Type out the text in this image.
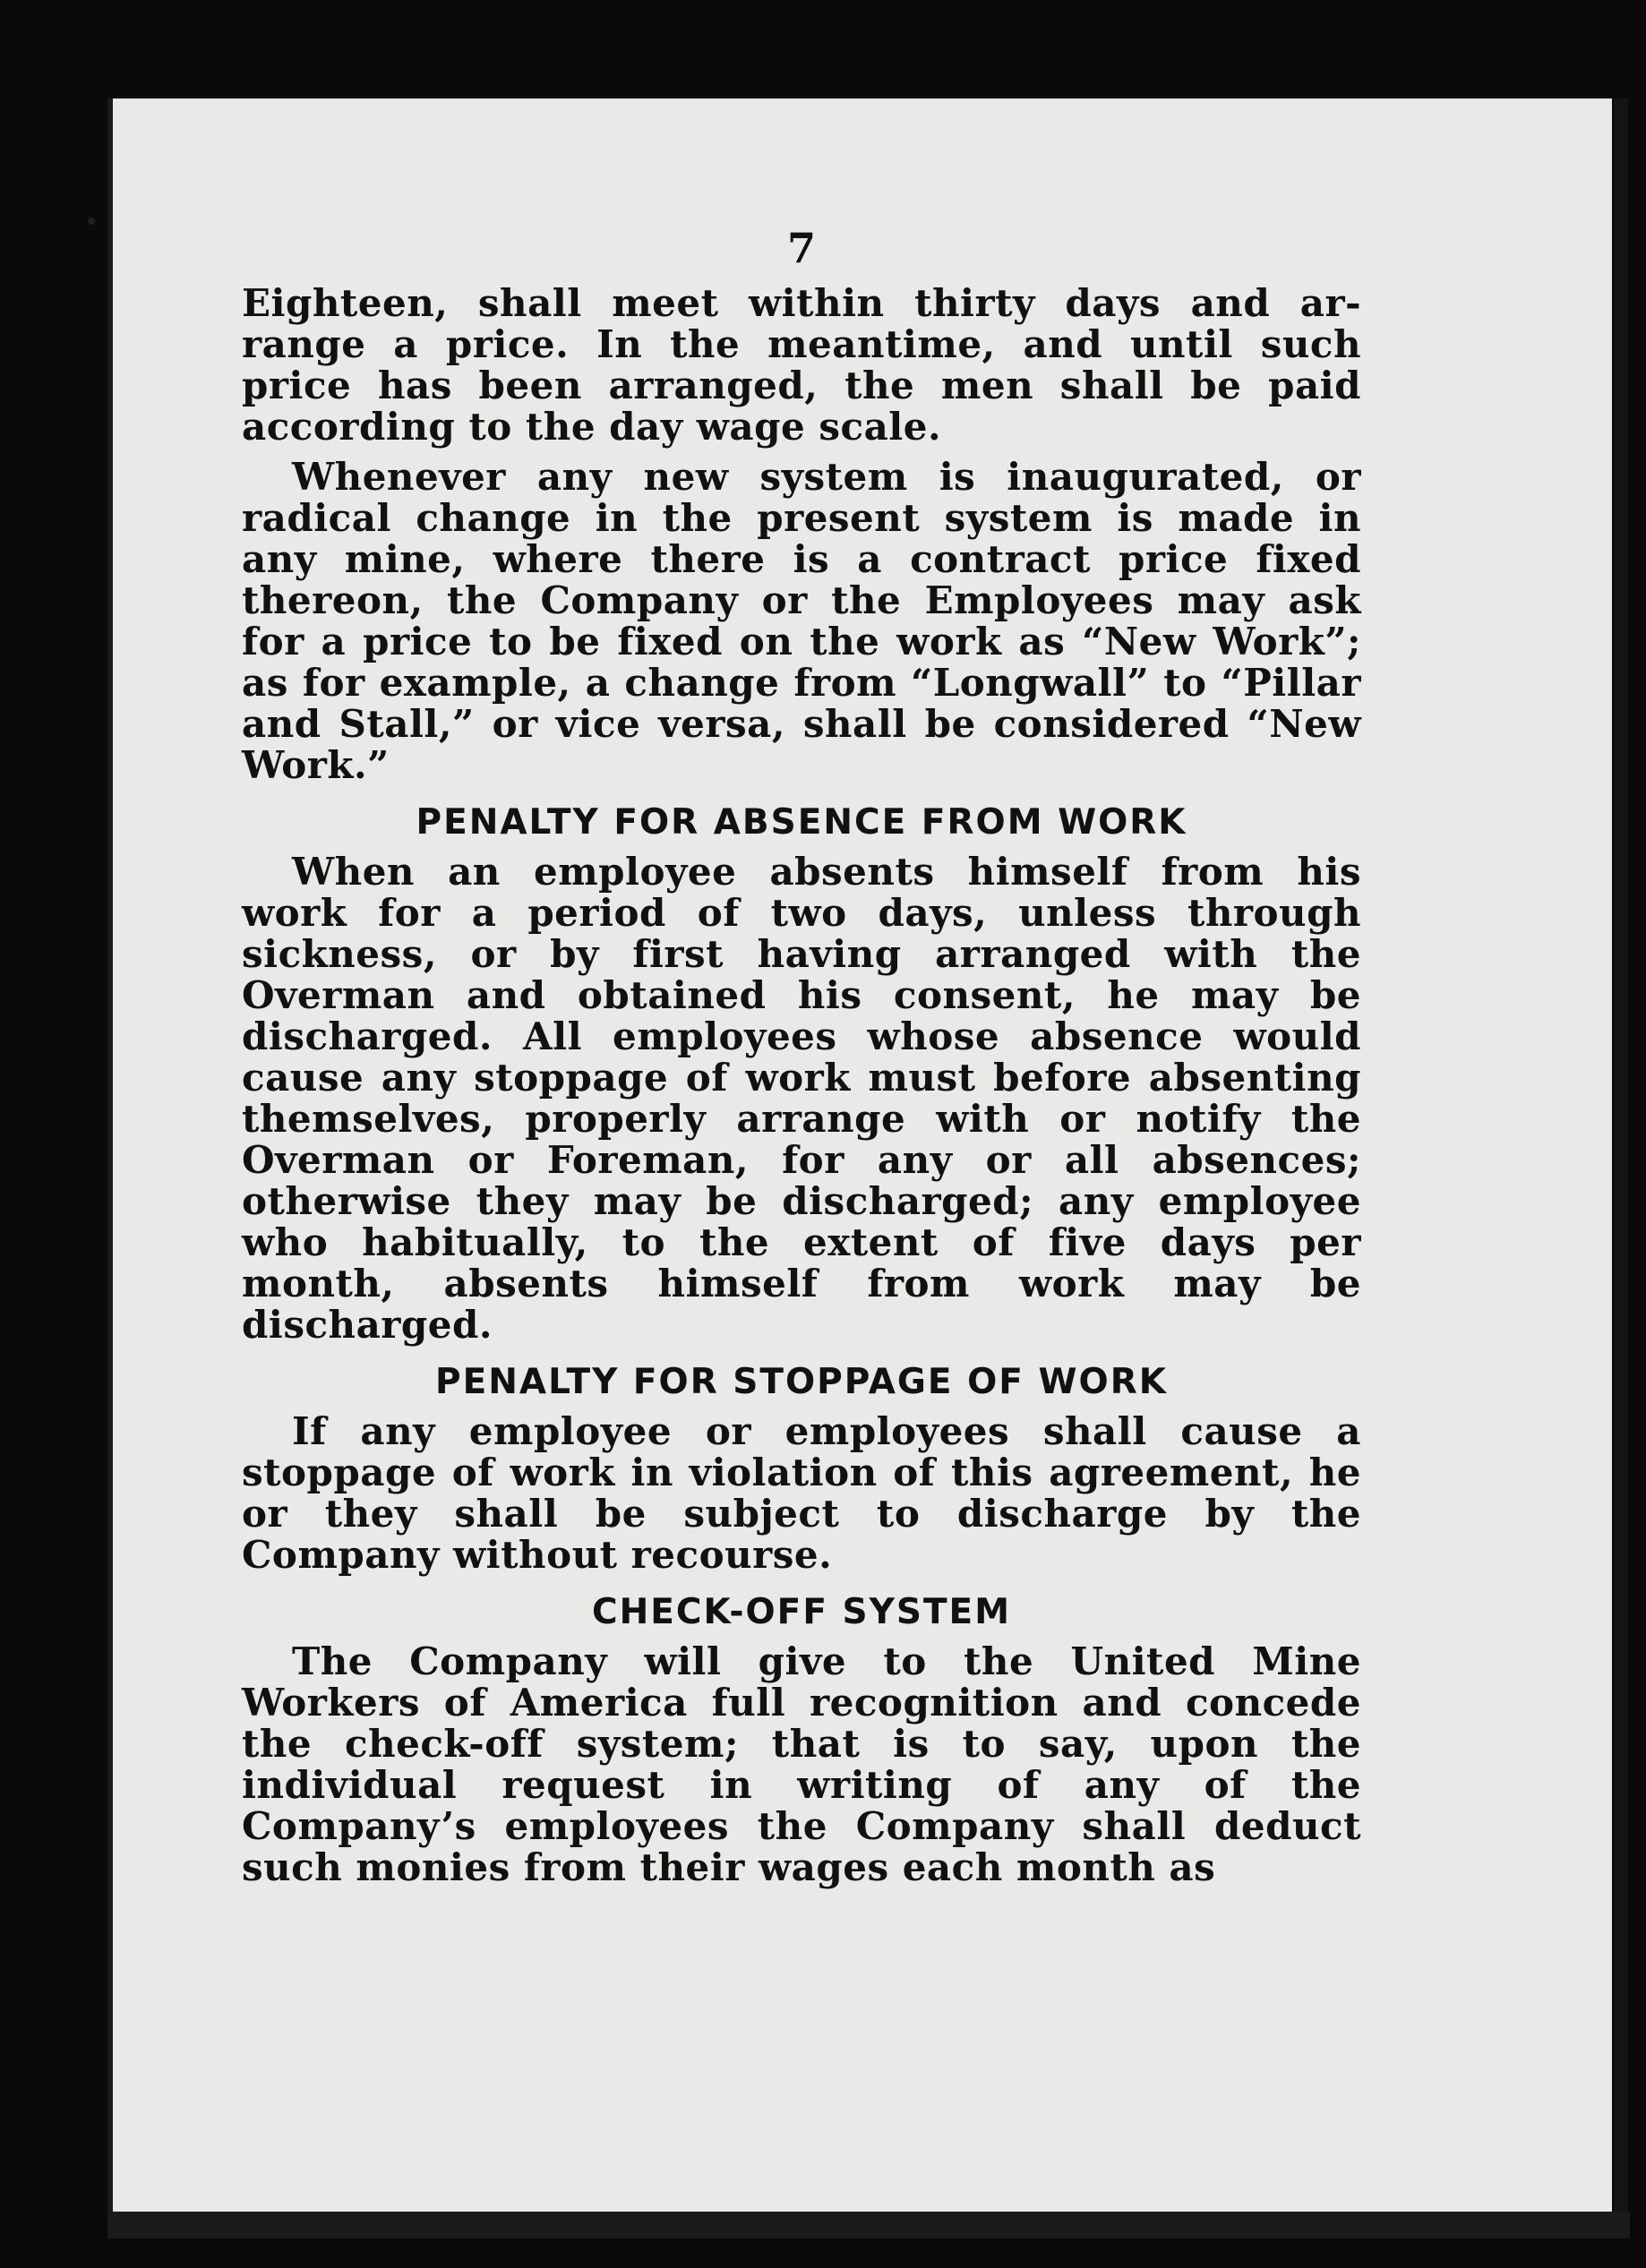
7

Eighteen, shall meet within thirty days and ar-range a price. In the meantime, and until such price has been arranged, the men shall be paid according to the day wage scale.

Whenever any new system is inaugurated, or radical change in the present system is made in any mine, where there is a contract price fixed thereon, the Company or the Employees may ask for a price to be fixed on the work as “New Work”; as for example, a change from “Longwall” to “Pillar and Stall,” or vice versa, shall be considered “New Work.”

PENALTY FOR ABSENCE FROM WORK

When an employee absents himself from his work for a period of two days, unless through sickness, or by first having arranged with the Overman and obtained his consent, he may be discharged. All employees whose absence would cause any stoppage of work must before absenting themselves, properly arrange with or notify the Overman or Foreman, for any or all absences; otherwise they may be discharged; any employee who habitually, to the extent of five days per month, absents himself from work may be discharged.

PENALTY FOR STOPPAGE OF WORK

If any employee or employees shall cause a stoppage of work in violation of this agreement, he or they shall be subject to discharge by the Company without recourse.

CHECK-OFF SYSTEM

The Company will give to the United Mine Workers of America full recognition and concede the check-off system; that is to say, upon the individual request in writing of any of the Company’s employees the Company shall deduct such monies from their wages each month as
